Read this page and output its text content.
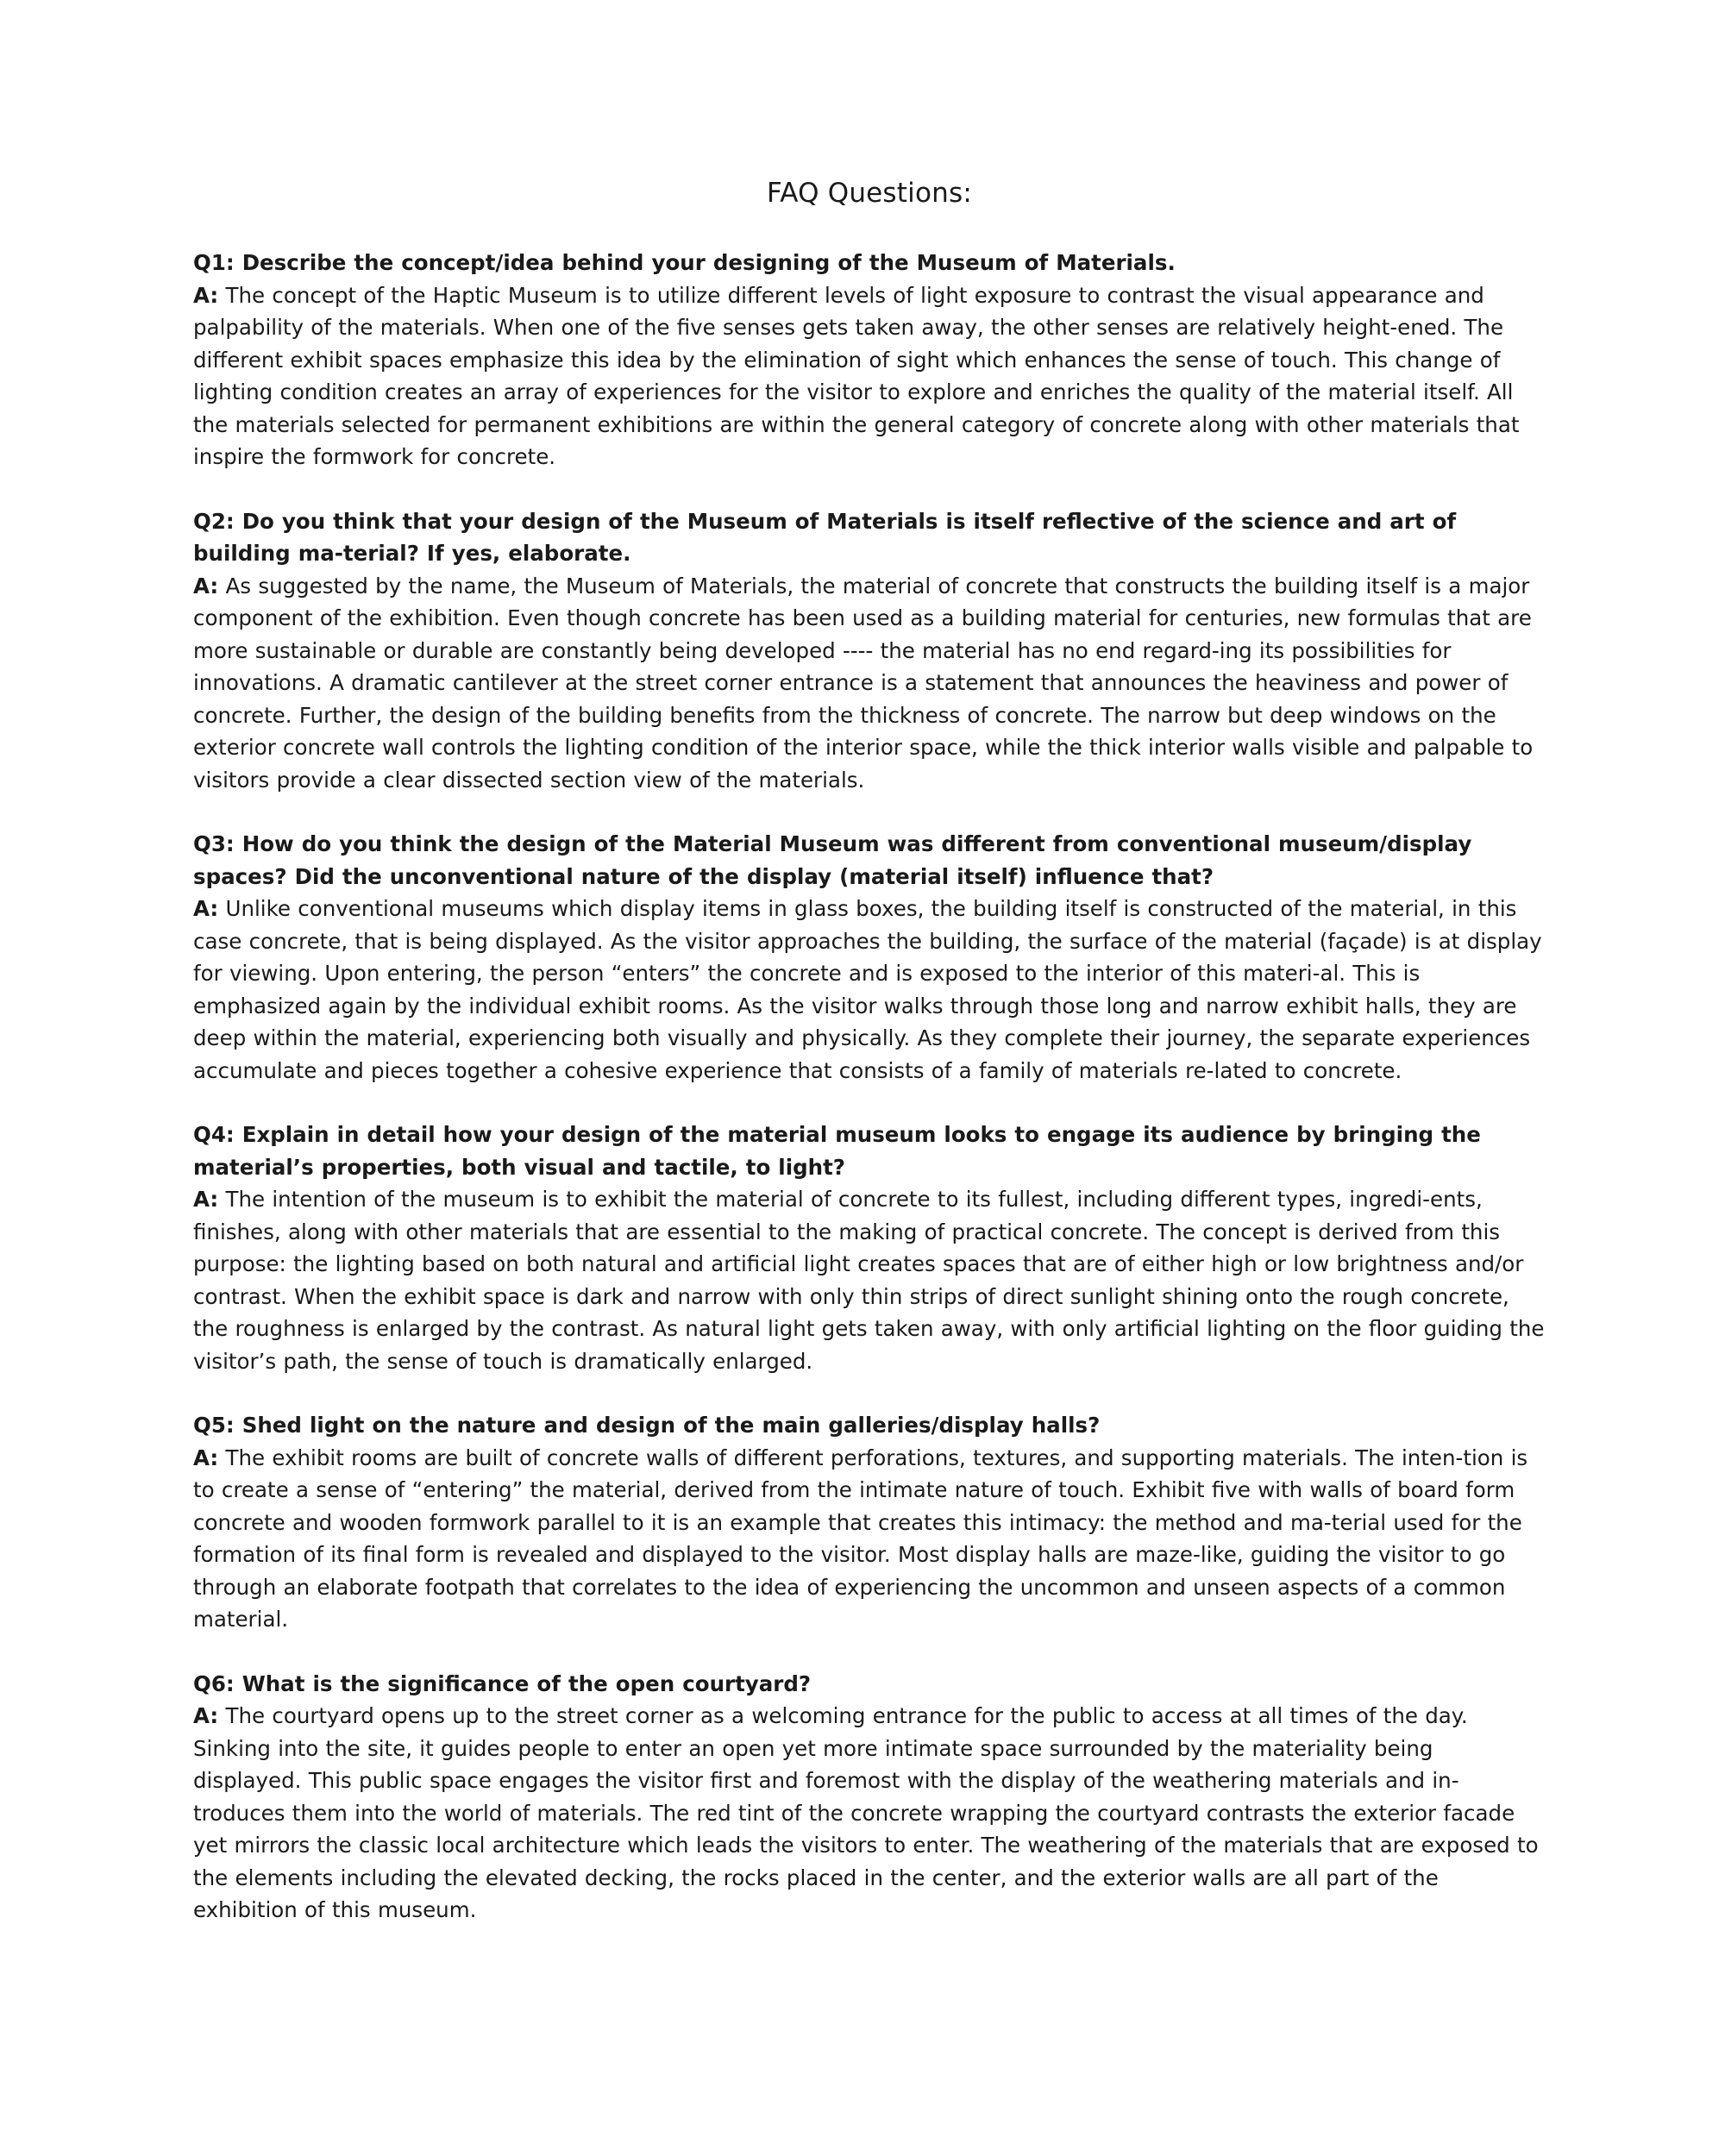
FAQ Questions:

Q1: Describe the concept/idea behind your designing of the Museum of Materials.

A: The concept of the Haptic Museum is to utilize different levels of light exposure to contrast the visual appearance and palpability of the materials. When one of the five senses gets taken away, the other senses are relatively height-ened. The different exhibit spaces emphasize this idea by the elimination of sight which enhances the sense of touch. This change of lighting condition creates an array of experiences for the visitor to explore and enriches the quality of the material itself. All the materials selected for permanent exhibitions are within the general category of concrete along with other materials that inspire the formwork for concrete.

Q2: Do you think that your design of the Museum of Materials is itself reflective of the science and art of building ma-terial? If yes, elaborate.

A: As suggested by the name, the Museum of Materials, the material of concrete that constructs the building itself is a major component of the exhibition. Even though concrete has been used as a building material for centuries, new formulas that are more sustainable or durable are constantly being developed ---- the material has no end regard-ing its possibilities for innovations. A dramatic cantilever at the street corner entrance is a statement that announces the heaviness and power of concrete. Further, the design of the building benefits from the thickness of concrete. The narrow but deep windows on the exterior concrete wall controls the lighting condition of the interior space, while the thick interior walls visible and palpable to visitors provide a clear dissected section view of the materials.

Q3: How do you think the design of the Material Museum was different from conventional museum/display spaces? Did the unconventional nature of the display (material itself) influence that?

A: Unlike conventional museums which display items in glass boxes, the building itself is constructed of the material, in this case concrete, that is being displayed. As the visitor approaches the building, the surface of the material (façade) is at display for viewing. Upon entering, the person “enters” the concrete and is exposed to the interior of this materi-al. This is emphasized again by the individual exhibit rooms. As the visitor walks through those long and narrow exhibit halls, they are deep within the material, experiencing both visually and physically. As they complete their journey, the separate experiences accumulate and pieces together a cohesive experience that consists of a family of materials re-lated to concrete.

Q4: Explain in detail how your design of the material museum looks to engage its audience by bringing the material’s properties, both visual and tactile, to light?

A: The intention of the museum is to exhibit the material of concrete to its fullest, including different types, ingredi-ents, finishes, along with other materials that are essential to the making of practical concrete. The concept is derived from this purpose: the lighting based on both natural and artificial light creates spaces that are of either high or low brightness and/or contrast. When the exhibit space is dark and narrow with only thin strips of direct sunlight shining onto the rough concrete, the roughness is enlarged by the contrast. As natural light gets taken away, with only artificial lighting on the floor guiding the visitor’s path, the sense of touch is dramatically enlarged.

Q5: Shed light on the nature and design of the main galleries/display halls?

A: The exhibit rooms are built of concrete walls of different perforations, textures, and supporting materials. The inten-tion is to create a sense of “entering” the material, derived from the intimate nature of touch. Exhibit five with walls of board form concrete and wooden formwork parallel to it is an example that creates this intimacy: the method and ma-terial used for the formation of its final form is revealed and displayed to the visitor. Most display halls are maze-like, guiding the visitor to go through an elaborate footpath that correlates to the idea of experiencing the uncommon and unseen aspects of a common material.

Q6: What is the significance of the open courtyard?

A: The courtyard opens up to the street corner as a welcoming entrance for the public to access at all times of the day. Sinking into the site, it guides people to enter an open yet more intimate space surrounded by the materiality being displayed. This public space engages the visitor first and foremost with the display of the weathering materials and in-troduces them into the world of materials. The red tint of the concrete wrapping the courtyard contrasts the exterior facade yet mirrors the classic local architecture which leads the visitors to enter. The weathering of the materials that are exposed to the elements including the elevated decking, the rocks placed in the center, and the exterior walls are all part of the exhibition of this museum.
